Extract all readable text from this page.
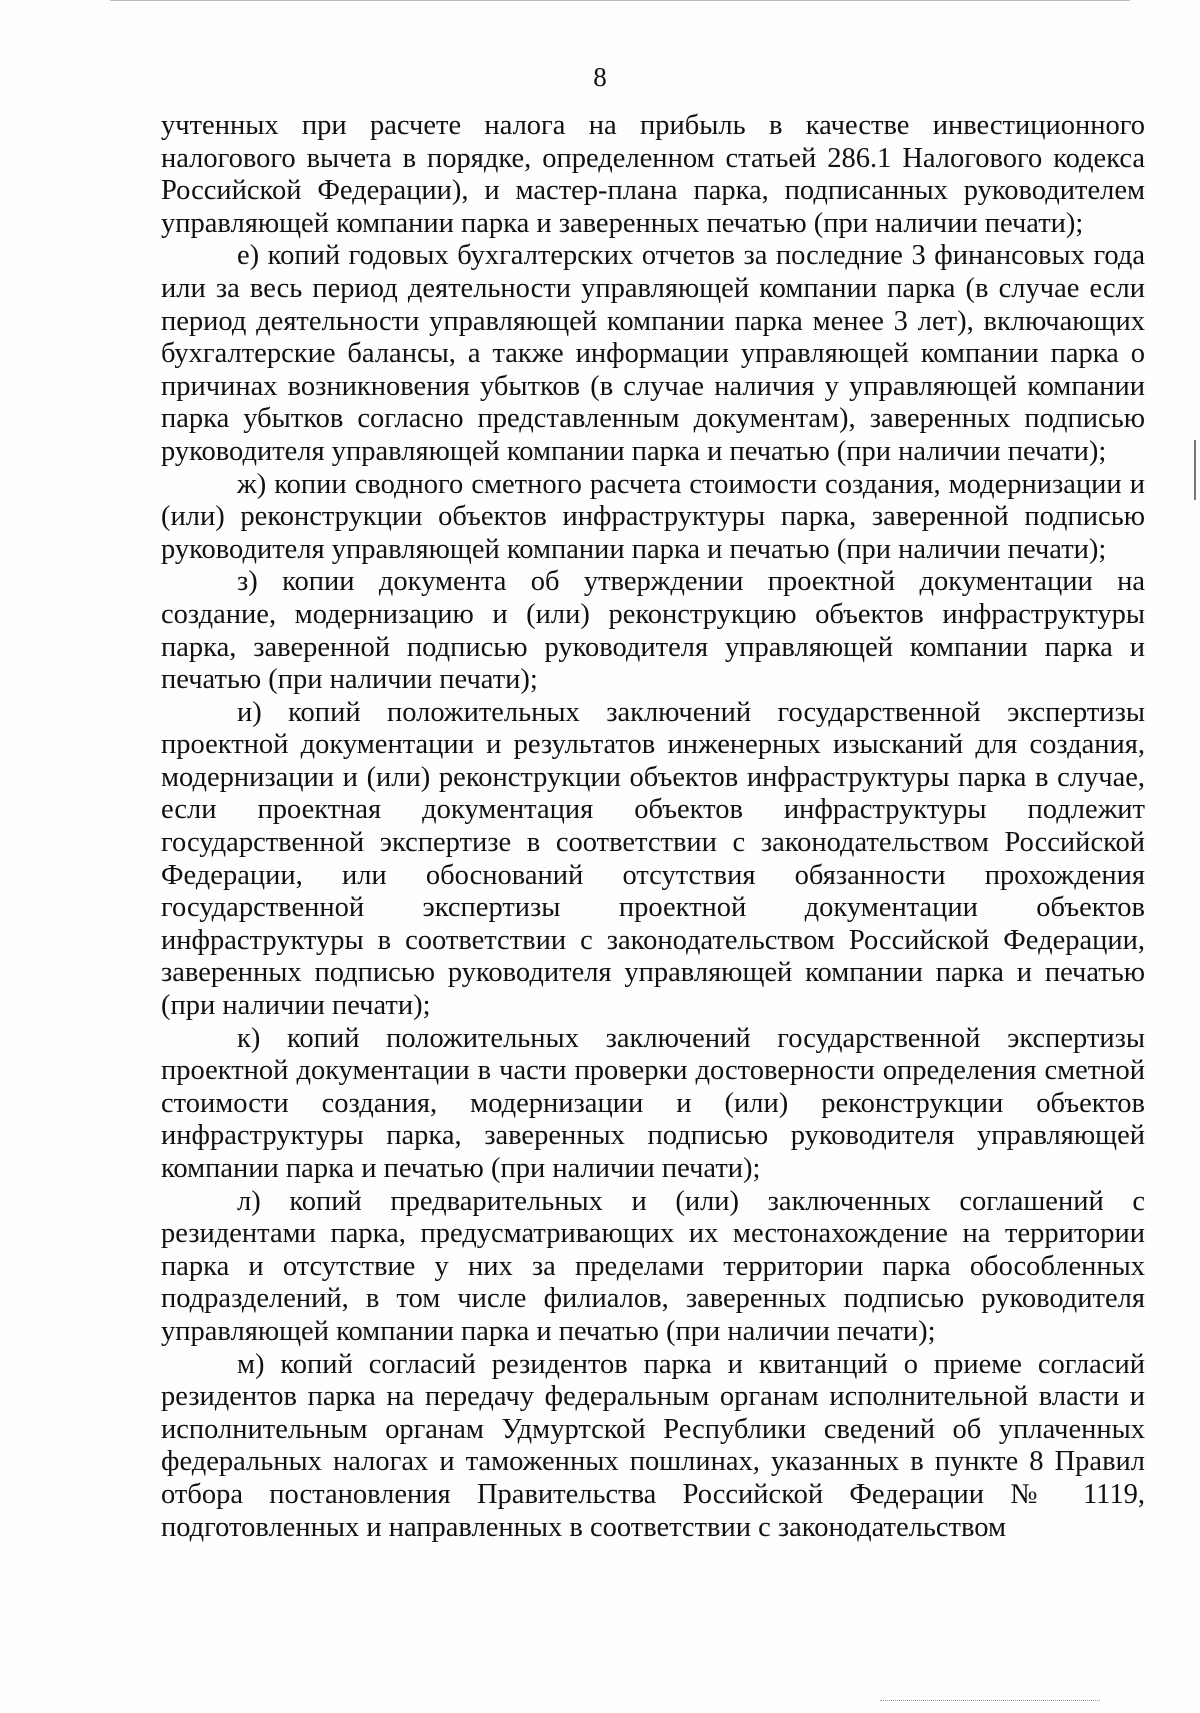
8

учтенных при расчете налога на прибыль в качестве инвестиционного налогового вычета в порядке, определенном статьей 286.1 Налогового кодекса Российской Федерации), и мастер-плана парка, подписанных руководителем управляющей компании парка и заверенных печатью (при наличии печати);

е) копий годовых бухгалтерских отчетов за последние 3 финансовых года или за весь период деятельности управляющей компании парка (в случае если период деятельности управляющей компании парка менее 3 лет), включающих бухгалтерские балансы, а также информации управляющей компании парка о причинах возникновения убытков (в случае наличия у управляющей компании парка убытков согласно представленным документам), заверенных подписью руководителя управляющей компании парка и печатью (при наличии печати);

ж) копии сводного сметного расчета стоимости создания, модернизации и (или) реконструкции объектов инфраструктуры парка, заверенной подписью руководителя управляющей компании парка и печатью (при наличии печати);

з) копии документа об утверждении проектной документации на создание, модернизацию и (или) реконструкцию объектов инфраструктуры парка, заверенной подписью руководителя управляющей компании парка и печатью (при наличии печати);

и) копий положительных заключений государственной экспертизы проектной документации и результатов инженерных изысканий для создания, модернизации и (или) реконструкции объектов инфраструктуры парка в случае, если проектная документация объектов инфраструктуры подлежит государственной экспертизе в соответствии с законодательством Российской Федерации, или обоснований отсутствия обязанности прохождения государственной экспертизы проектной документации объектов инфраструктуры в соответствии с законодательством Российской Федерации, заверенных подписью руководителя управляющей компании парка и печатью (при наличии печати);

к) копий положительных заключений государственной экспертизы проектной документации в части проверки достоверности определения сметной стоимости создания, модернизации и (или) реконструкции объектов инфраструктуры парка, заверенных подписью руководителя управляющей компании парка и печатью (при наличии печати);

л) копий предварительных и (или) заключенных соглашений с резидентами парка, предусматривающих их местонахождение на территории парка и отсутствие у них за пределами территории парка обособленных подразделений, в том числе филиалов, заверенных подписью руководителя управляющей компании парка и печатью (при наличии печати);

м) копий согласий резидентов парка и квитанций о приеме согласий резидентов парка на передачу федеральным органам исполнительной власти и исполнительным органам Удмуртской Республики сведений об уплаченных федеральных налогах и таможенных пошлинах, указанных в пункте 8 Правил отбора постановления Правительства Российской Федерации № 1119, подготовленных и направленных в соответствии с законодательством
